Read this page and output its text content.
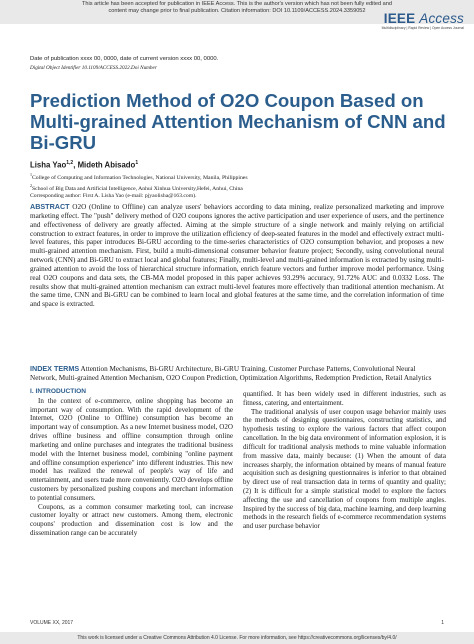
This article has been accepted for publication in IEEE Access. This is the author's version which has not been fully edited and
content may change prior to final publication. Citation information: DOI 10.1109/ACCESS.2024.3359052	IEEE Access
Multidisciplinary | Rapid Review | Open Access Journal
Date of publication xxxx 00, 0000, date of current version xxxx 00, 0000.
Digital Object Identifier 10.1109/ACCESS.2022.Doi Number
Prediction Method of O2O Coupon Based on Multi-grained Attention Mechanism of CNN and Bi-GRU
Lisha Yao$^{1,2}$, Mideth Abisado$^1$
$^1$College of Computing and Information Technologies, National University, Manila, Philippines
$^2$School of Big Data and Artificial Intelligence, Anhui Xinhua University,Hefei, Anhui, China
Corresponding author: First A. Lisha Yao (e-mail: pjyaolisha@163.com).
ABSTRACT O2O (Online to Offline) can analyze users' behaviors according to data mining, realize personalized marketing and improve marketing effect. The "push" delivery method of O2O coupons ignores the active participation and user experience of users, and the pertinence and effectiveness of delivery are greatly affected. Aiming at the simple structure of a single network and mainly relying on artificial construction to extract features, in order to improve the utilization efficiency of deep-seated features in the model and effectively extract multi-level features, this paper introduces Bi-GRU according to the time-series characteristics of O2O consumption behavior, and proposes a new multi-grained attention mechanism. First, build a multi-dimensional consumer behavior feature project; Secondly, using convolutional neural network (CNN) and Bi-GRU to extract local and global features; Finally, multi-level and multi-grained information is extracted by using multi-grained attention to avoid the loss of hierarchical structure information, enrich feature vectors and further improve model performance. Using real O2O coupons and data sets, the CB-MA model proposed in this paper achieves 93.29% accuracy, 91.72% AUC and 0.0332 Loss. The results show that multi-grained attention mechanism can extract multi-level features more effectively than traditional attention mechanism. At the same time, CNN and Bi-GRU can be combined to learn local and global features at the same time, and the correlation information of time and space is extracted.
INDEX TERMS Attention Mechanisms, Bi-GRU Architecture, Bi-GRU Training, Customer Purchase Patterns, Convolutional Neural Network, Multi-grained Attention Mechanism, O2O Coupon Prediction, Optimization Algorithms, Redemption Prediction, Retail Analytics

I. INTRODUCTION

In the context of e-commerce, online shopping has become an important way of consumption. With the rapid development of the Internet, O2O (Online to Offline) consumption has become an important way of consumption. As a new Internet business model, O2O drives offline business and offline consumption through online marketing and online purchases and integrates the traditional business model with the Internet business model, combining "online payment and offline consumption experience" into different industries. This new model has realized the renewal of people's way of life and entertainment, and users trade more conveniently. O2O develops offline customers by personalized pushing coupons and merchant information to potential consumers.

Coupons, as a common consumer marketing tool, can increase customer loyalty or attract new customers. Among them, electronic coupons' production and dissemination cost is low and the dissemination range can be accurately

quantified. It has been widely used in different industries, such as fitness, catering, and entertainment.

The traditional analysis of user coupon usage behavior mainly uses the methods of designing questionnaires, constructing statistics, and hypothesis testing to explore the various factors that affect coupon cancellation. In the big data environment of information explosion, it is difficult for traditional analysis methods to mine valuable information from massive data, mainly because: (1) When the amount of data increases sharply, the information obtained by means of manual feature acquisition such as designing questionnaires is inferior to that obtained by direct use of real transaction data in terms of quantity and quality; (2) It is difficult for a simple statistical model to explore the factors affecting the use and cancellation of coupons from multiple angles. Inspired by the success of big data, machine learning, and deep learning methods in the research fields of e-commerce recommendation systems and user purchase behavior

VOLUME XX, 2017	1
This work is licensed under a Creative Commons Attribution 4.0 License. For more information, see https://creativecommons.org/licenses/by/4.0/
